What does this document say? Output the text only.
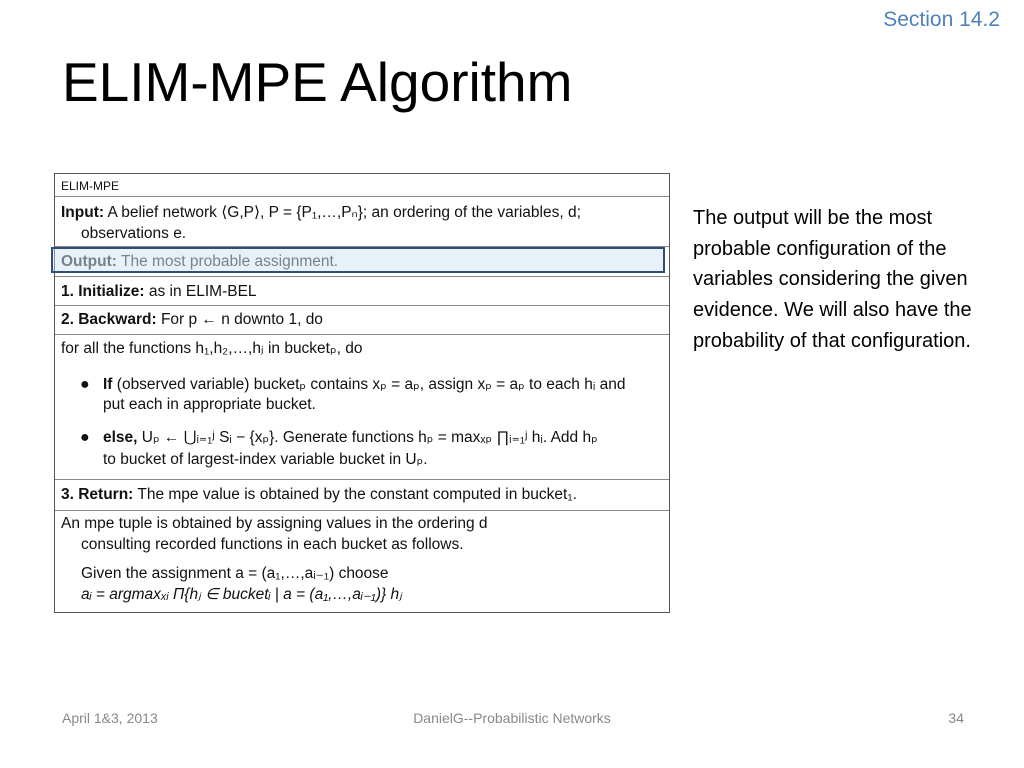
Section 14.2
ELIM-MPE Algorithm
ELIM-MPE
Input: A belief network ⟨G,P⟩, P = {P₁,…,Pₙ}; an ordering of the variables, d;
observations e.
Output: The most probable assignment.
1. Initialize: as in ELIM-BEL
2. Backward: For p ← n downto 1, do
for all the functions h₁,h₂,…,hⱼ in bucketₚ, do
● If (observed variable) bucketₚ contains xₚ = aₚ, assign xₚ = aₚ to each hᵢ and
put each in appropriate bucket.
● else, Uₚ ← ⋃ᵢ₌₁ʲ Sᵢ − {xₚ}. Generate functions hₚ = maxₓₚ ∏ᵢ₌₁ʲ hᵢ. Add hₚ
to bucket of largest-index variable bucket in Uₚ.
3. Return: The mpe value is obtained by the constant computed in bucket₁.
An mpe tuple is obtained by assigning values in the ordering d
consulting recorded functions in each bucket as follows.
Given the assignment a = (a₁,…,aᵢ₋₁) choose
aᵢ = argmaxₓᵢ Π{hⱼ ∈ bucketᵢ | a = (a₁,…,aᵢ₋₁)} hⱼ

The output will be the most probable configuration of the variables considering the given evidence. We will also have the probability of that configuration.

April 1&3, 2013	DanielG--Probabilistic Networks	34
